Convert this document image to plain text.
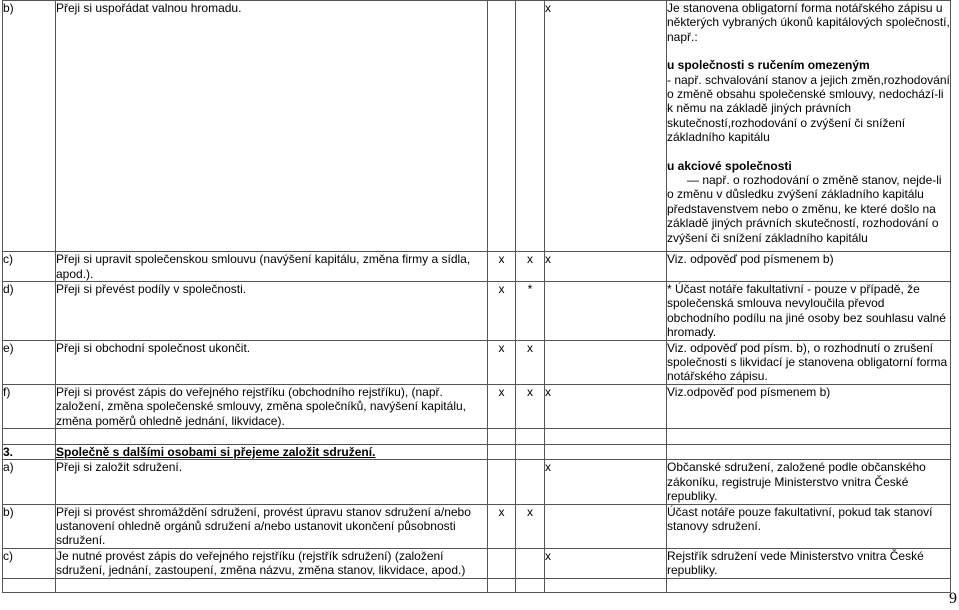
b)	Přeji si uspořádat valnou hromadu.			x	Je stanovena obligatorní forma notářského zápisu u některých vybraných úkonů kapitálových společností, např.:
u společnosti s ručením omezeným
- např. schvalování stanov a jejich změn,rozhodování o změně obsahu společenské smlouvy, nedochází-li k němu na základě jiných právních skutečností,rozhodování o zvýšení či snížení základního kapitálu
u akciové společnosti
— např. o rozhodování o změně stanov, nejde-li o změnu v důsledku zvýšení základního kapitálu představenstvem nebo o změnu, ke které došlo na základě jiných právních skutečností, rozhodování o zvýšení či snížení základního kapitálu

c)	Přeji si upravit společenskou smlouvu (navýšení kapitálu, změna firmy a sídla, apod.).	x	x	x	Viz. odpověď pod písmenem b)
d)	Přeji si převést podíly v společnosti.	x	*		* Účast notáře fakultativní - pouze v případě, že společenská smlouva nevyloučila převod obchodního podílu na jiné osoby bez souhlasu valné hromady.
e)	Přeji si obchodní společnost ukončit.	x	x		Viz. odpověď pod písm. b), o rozhodnutí o zrušení společnosti s likvidací je stanovena obligatorní forma notářského zápisu.
f)	Přeji si provést zápis do veřejného rejstříku (obchodního rejstříku), (např. založení, změna společenské smlouvy, změna společníků, navýšení kapitálu, změna poměrů ohledně jednání, likvidace).	x	x	x	Viz.odpověď pod písmenem b)

3.	Společně s dalšími osobami si přejeme založit sdružení.				
a)	Přeji si založit sdružení.			x	Občanské sdružení, založené podle občanského zákoníku, registruje Ministerstvo vnitra České republiky.
b)	Přeji si provést shromáždění sdružení, provést úpravu stanov sdružení a/nebo ustanovení ohledně orgánů sdružení a/nebo ustanovit ukončení působnosti sdružení.	x	x		Účast notáře pouze fakultativní, pokud tak stanoví stanovy sdružení.
c)	Je nutné provést zápis do veřejného rejstříku (rejstřík sdružení) (založení sdružení, jednání, zastoupení, změna názvu, změna stanov, likvidace, apod.)			x	Rejstřík sdružení vede Ministerstvo vnitra České republiky.

9
